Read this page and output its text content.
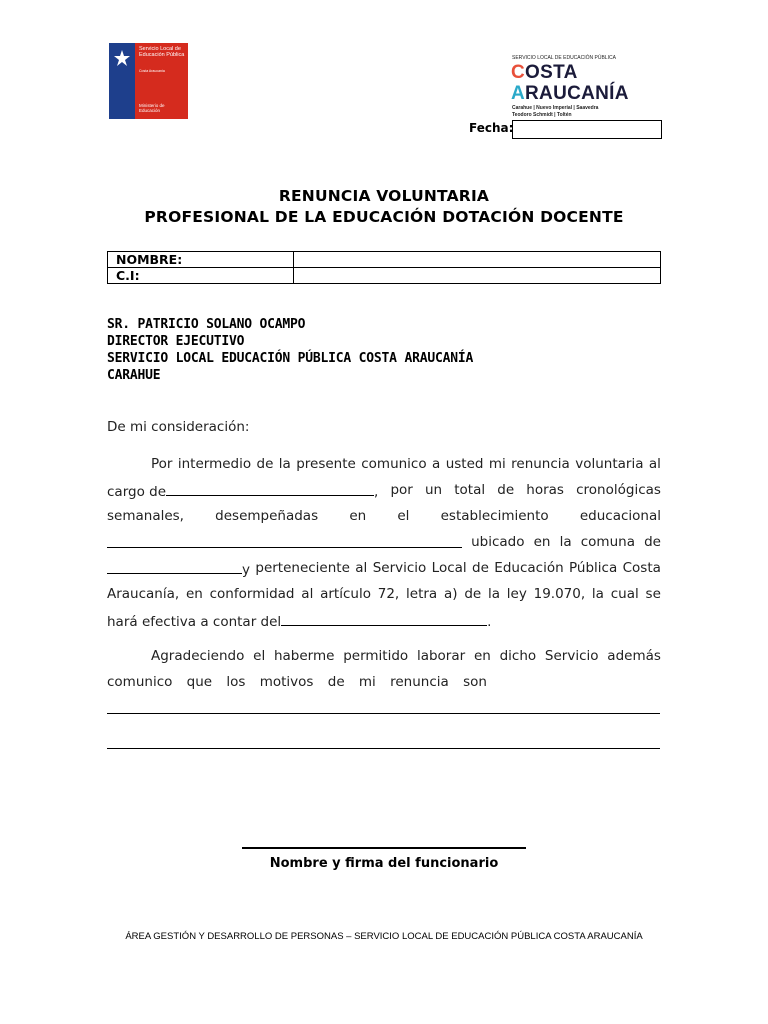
Servicio Local de Educación Pública
Costa Araucanía
Ministerio de Educación
SERVICIO LOCAL DE EDUCACIÓN PÚBLICA
COSTA
ARAUCANÍA
Carahue | Nuevo Imperial | Saavedra
Teodoro Schmidt | Toltén
Fecha:
RENUNCIA VOLUNTARIA
PROFESIONAL DE LA EDUCACIÓN DOTACIÓN DOCENTE
NOMBRE:	
C.I:	
SR. PATRICIO SOLANO OCAMPO
DIRECTOR EJECUTIVO
SERVICIO LOCAL EDUCACIÓN PÚBLICA COSTA ARAUCANÍA
CARAHUE
De mi consideración:
Por intermedio de la presente comunico a usted mi renuncia voluntaria al
cargo de	, por un total de horas cronológicas
semanales, desempeñadas en el establecimiento educacional
ubicado en la comuna de
y perteneciente al Servicio Local de Educación Pública Costa
Araucanía, en conformidad al artículo 72, letra a) de la ley 19.070, la cual se
hará efectiva a contar del	.
Agradeciendo el haberme permitido laborar en dicho Servicio además
comunico que los motivos de mi renuncia son
Nombre y firma del funcionario
ÁREA GESTIÓN Y DESARROLLO DE PERSONAS – SERVICIO LOCAL DE EDUCACIÓN PÚBLICA COSTA ARAUCANÍA
